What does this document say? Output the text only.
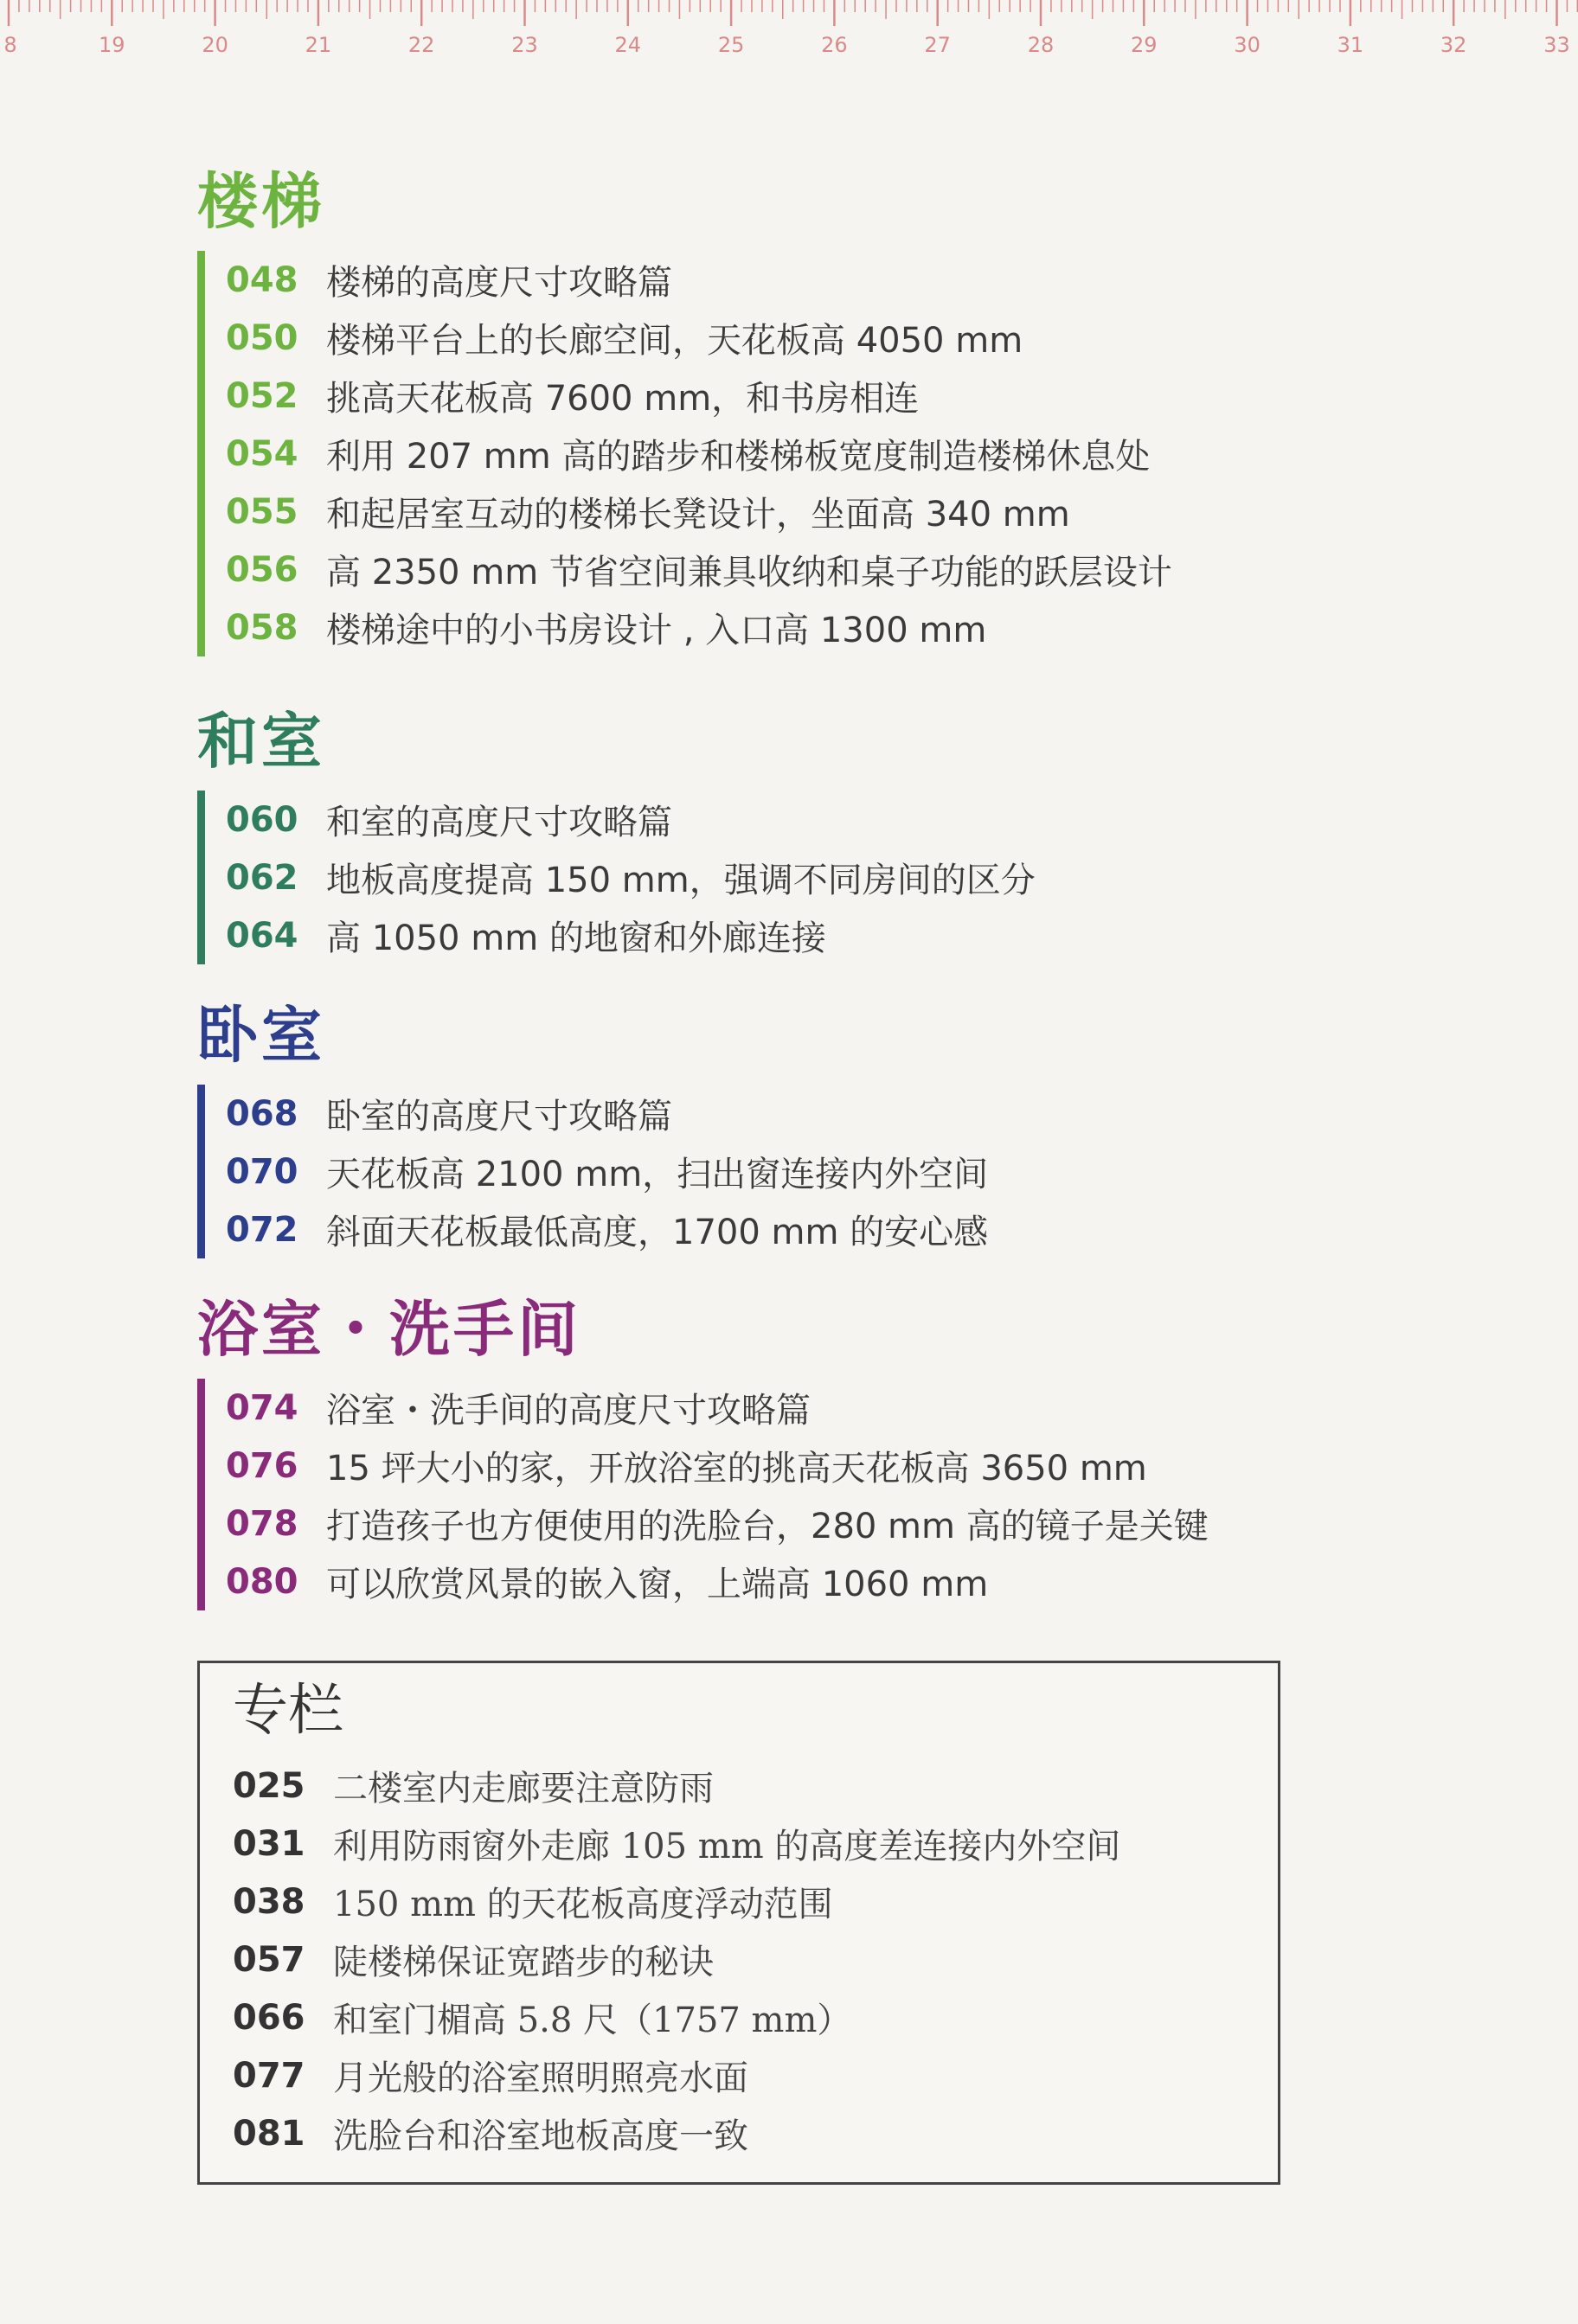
8	19	20	21	22	23	24	25	26	27	28	29	30	31	32	33
楼梯
048 楼梯的高度尺寸攻略篇
050 楼梯平台上的长廊空间，天花板高 4050 mm
052 挑高天花板高 7600 mm，和书房相连
054 利用 207 mm 高的踏步和楼梯板宽度制造楼梯休息处
055 和起居室互动的楼梯长凳设计，坐面高 340 mm
056 高 2350 mm 节省空间兼具收纳和桌子功能的跃层设计
058 楼梯途中的小书房设计 , 入口高 1300 mm
和室
060 和室的高度尺寸攻略篇
062 地板高度提高 150 mm，强调不同房间的区分
064 高 1050 mm 的地窗和外廊连接
卧室
068 卧室的高度尺寸攻略篇
070 天花板高 2100 mm，扫出窗连接内外空间
072 斜面天花板最低高度，1700 mm 的安心感
浴室・洗手间
074 浴室・洗手间的高度尺寸攻略篇
076 15 坪大小的家，开放浴室的挑高天花板高 3650 mm
078 打造孩子也方便使用的洗脸台，280 mm 高的镜子是关键
080 可以欣赏风景的嵌入窗，上端高 1060 mm
专栏
025 二楼室内走廊要注意防雨
031 利用防雨窗外走廊 105 mm 的高度差连接内外空间
038 150 mm 的天花板高度浮动范围
057 陡楼梯保证宽踏步的秘诀
066 和室门楣高 5.8 尺（1757 mm）
077 月光般的浴室照明照亮水面
081 洗脸台和浴室地板高度一致
